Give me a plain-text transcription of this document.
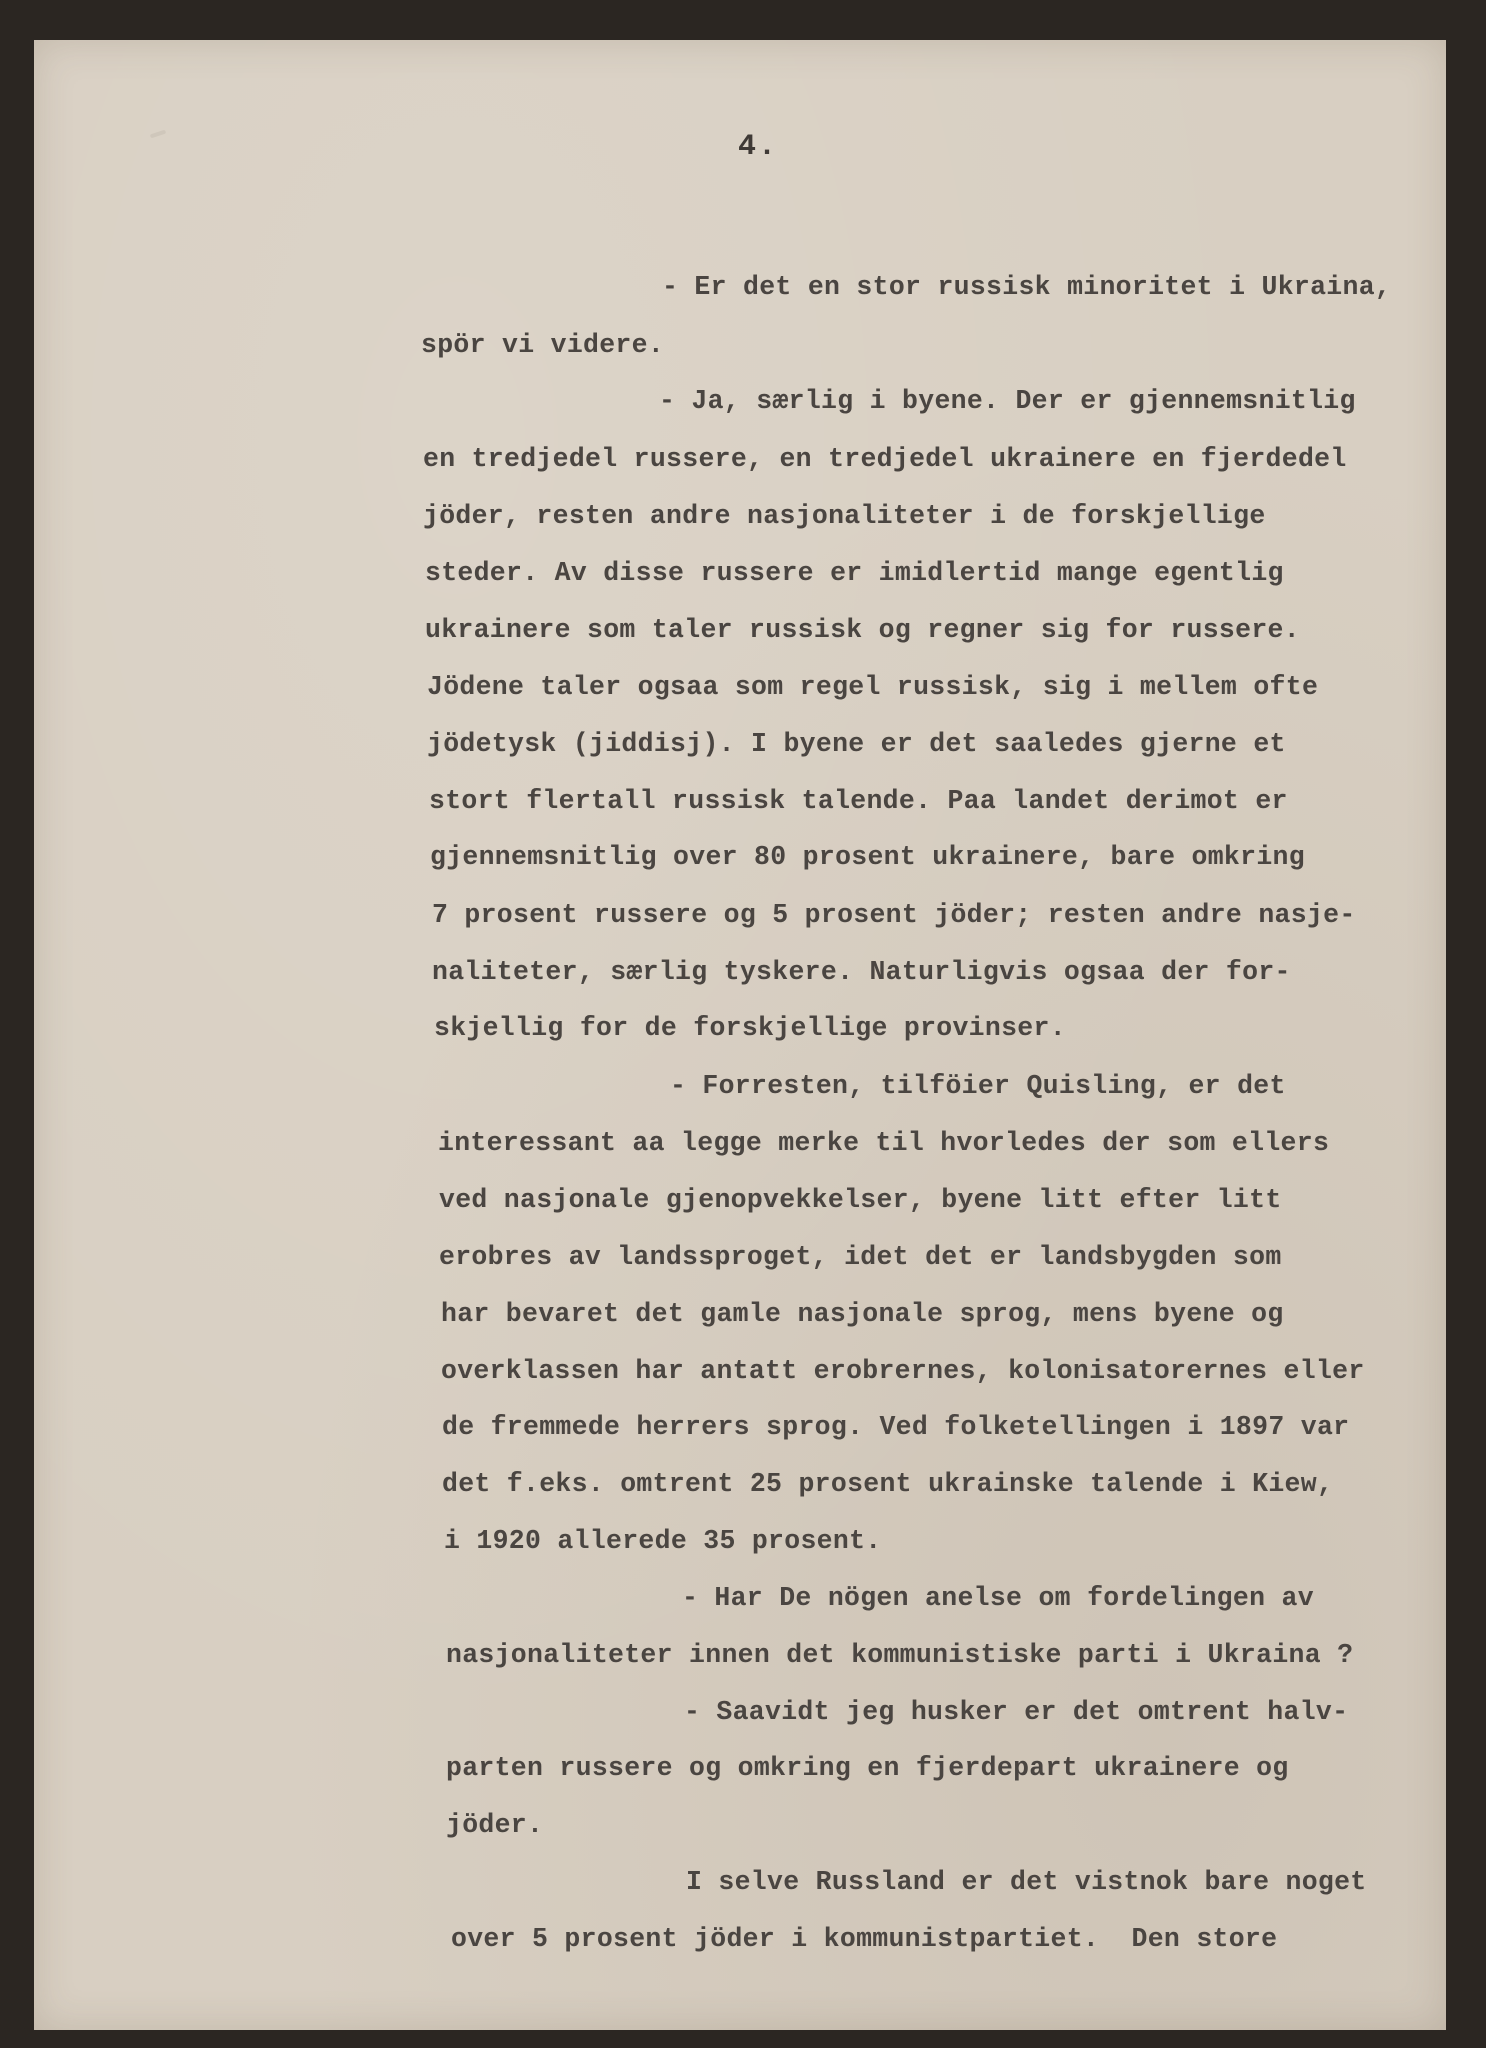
4.

- Er det en stor russisk minoritet i Ukraina,

spör vi videre.

- Ja, særlig i byene. Der er gjennemsnitlig

en tredjedel russere, en tredjedel ukrainere en fjerdedel

jöder, resten andre nasjonaliteter i de forskjellige

steder. Av disse russere er imidlertid mange egentlig

ukrainere som taler russisk og regner sig for russere.

Jödene taler ogsaa som regel russisk, sig i mellem ofte

jödetysk (jiddisj). I byene er det saaledes gjerne et

stort flertall russisk talende. Paa landet derimot er

gjennemsnitlig over 80 prosent ukrainere, bare omkring

7 prosent russere og 5 prosent jöder; resten andre nasje-

naliteter, særlig tyskere. Naturligvis ogsaa der for-

skjellig for de forskjellige provinser.

- Forresten, tilföier Quisling, er det

interessant aa legge merke til hvorledes der som ellers

ved nasjonale gjenopvekkelser, byene litt efter litt

erobres av landssproget, idet det er landsbygden som

har bevaret det gamle nasjonale sprog, mens byene og

overklassen har antatt erobrernes, kolonisatorernes eller

de fremmede herrers sprog. Ved folketellingen i 1897 var

det f.eks. omtrent 25 prosent ukrainske talende i Kiew,

i 1920 allerede 35 prosent.

- Har De nögen anelse om fordelingen av

nasjonaliteter innen det kommunistiske parti i Ukraina ?

- Saavidt jeg husker er det omtrent halv-

parten russere og omkring en fjerdepart ukrainere og

jöder.

I selve Russland er det vistnok bare noget

over 5 prosent jöder i kommunistpartiet.  Den store
